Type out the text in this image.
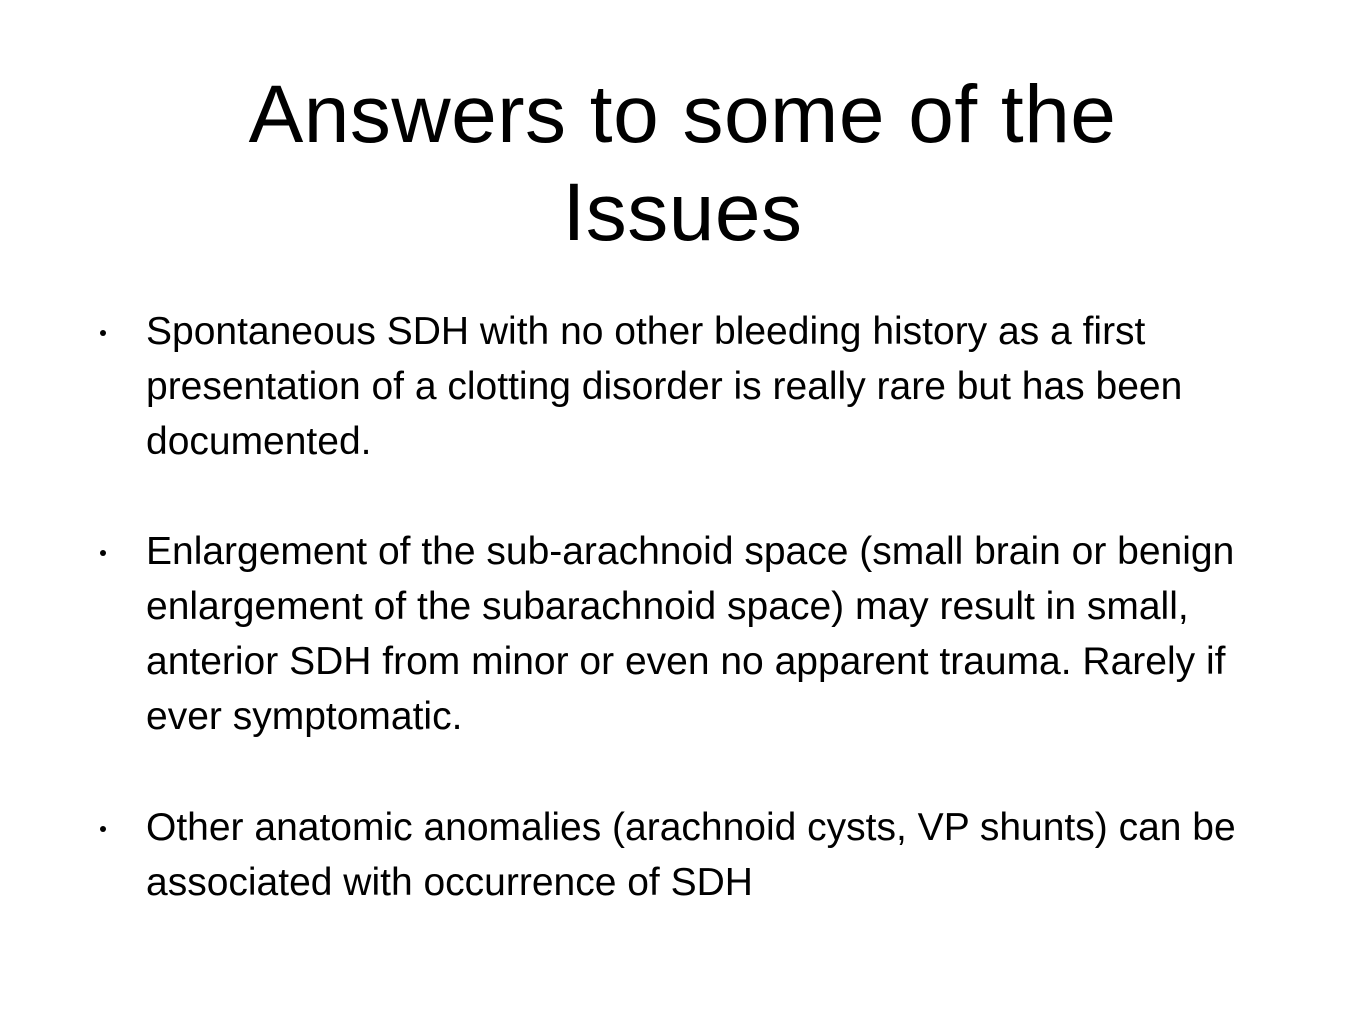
Answers to some of the Issues
Spontaneous SDH with no other bleeding history as a first presentation of a clotting disorder is really rare but has been documented.
Enlargement of the sub-arachnoid space (small brain or benign enlargement of the subarachnoid space) may result in small, anterior SDH from minor or even no apparent trauma. Rarely if ever symptomatic.
Other anatomic anomalies (arachnoid cysts, VP shunts) can be associated with occurrence of SDH
